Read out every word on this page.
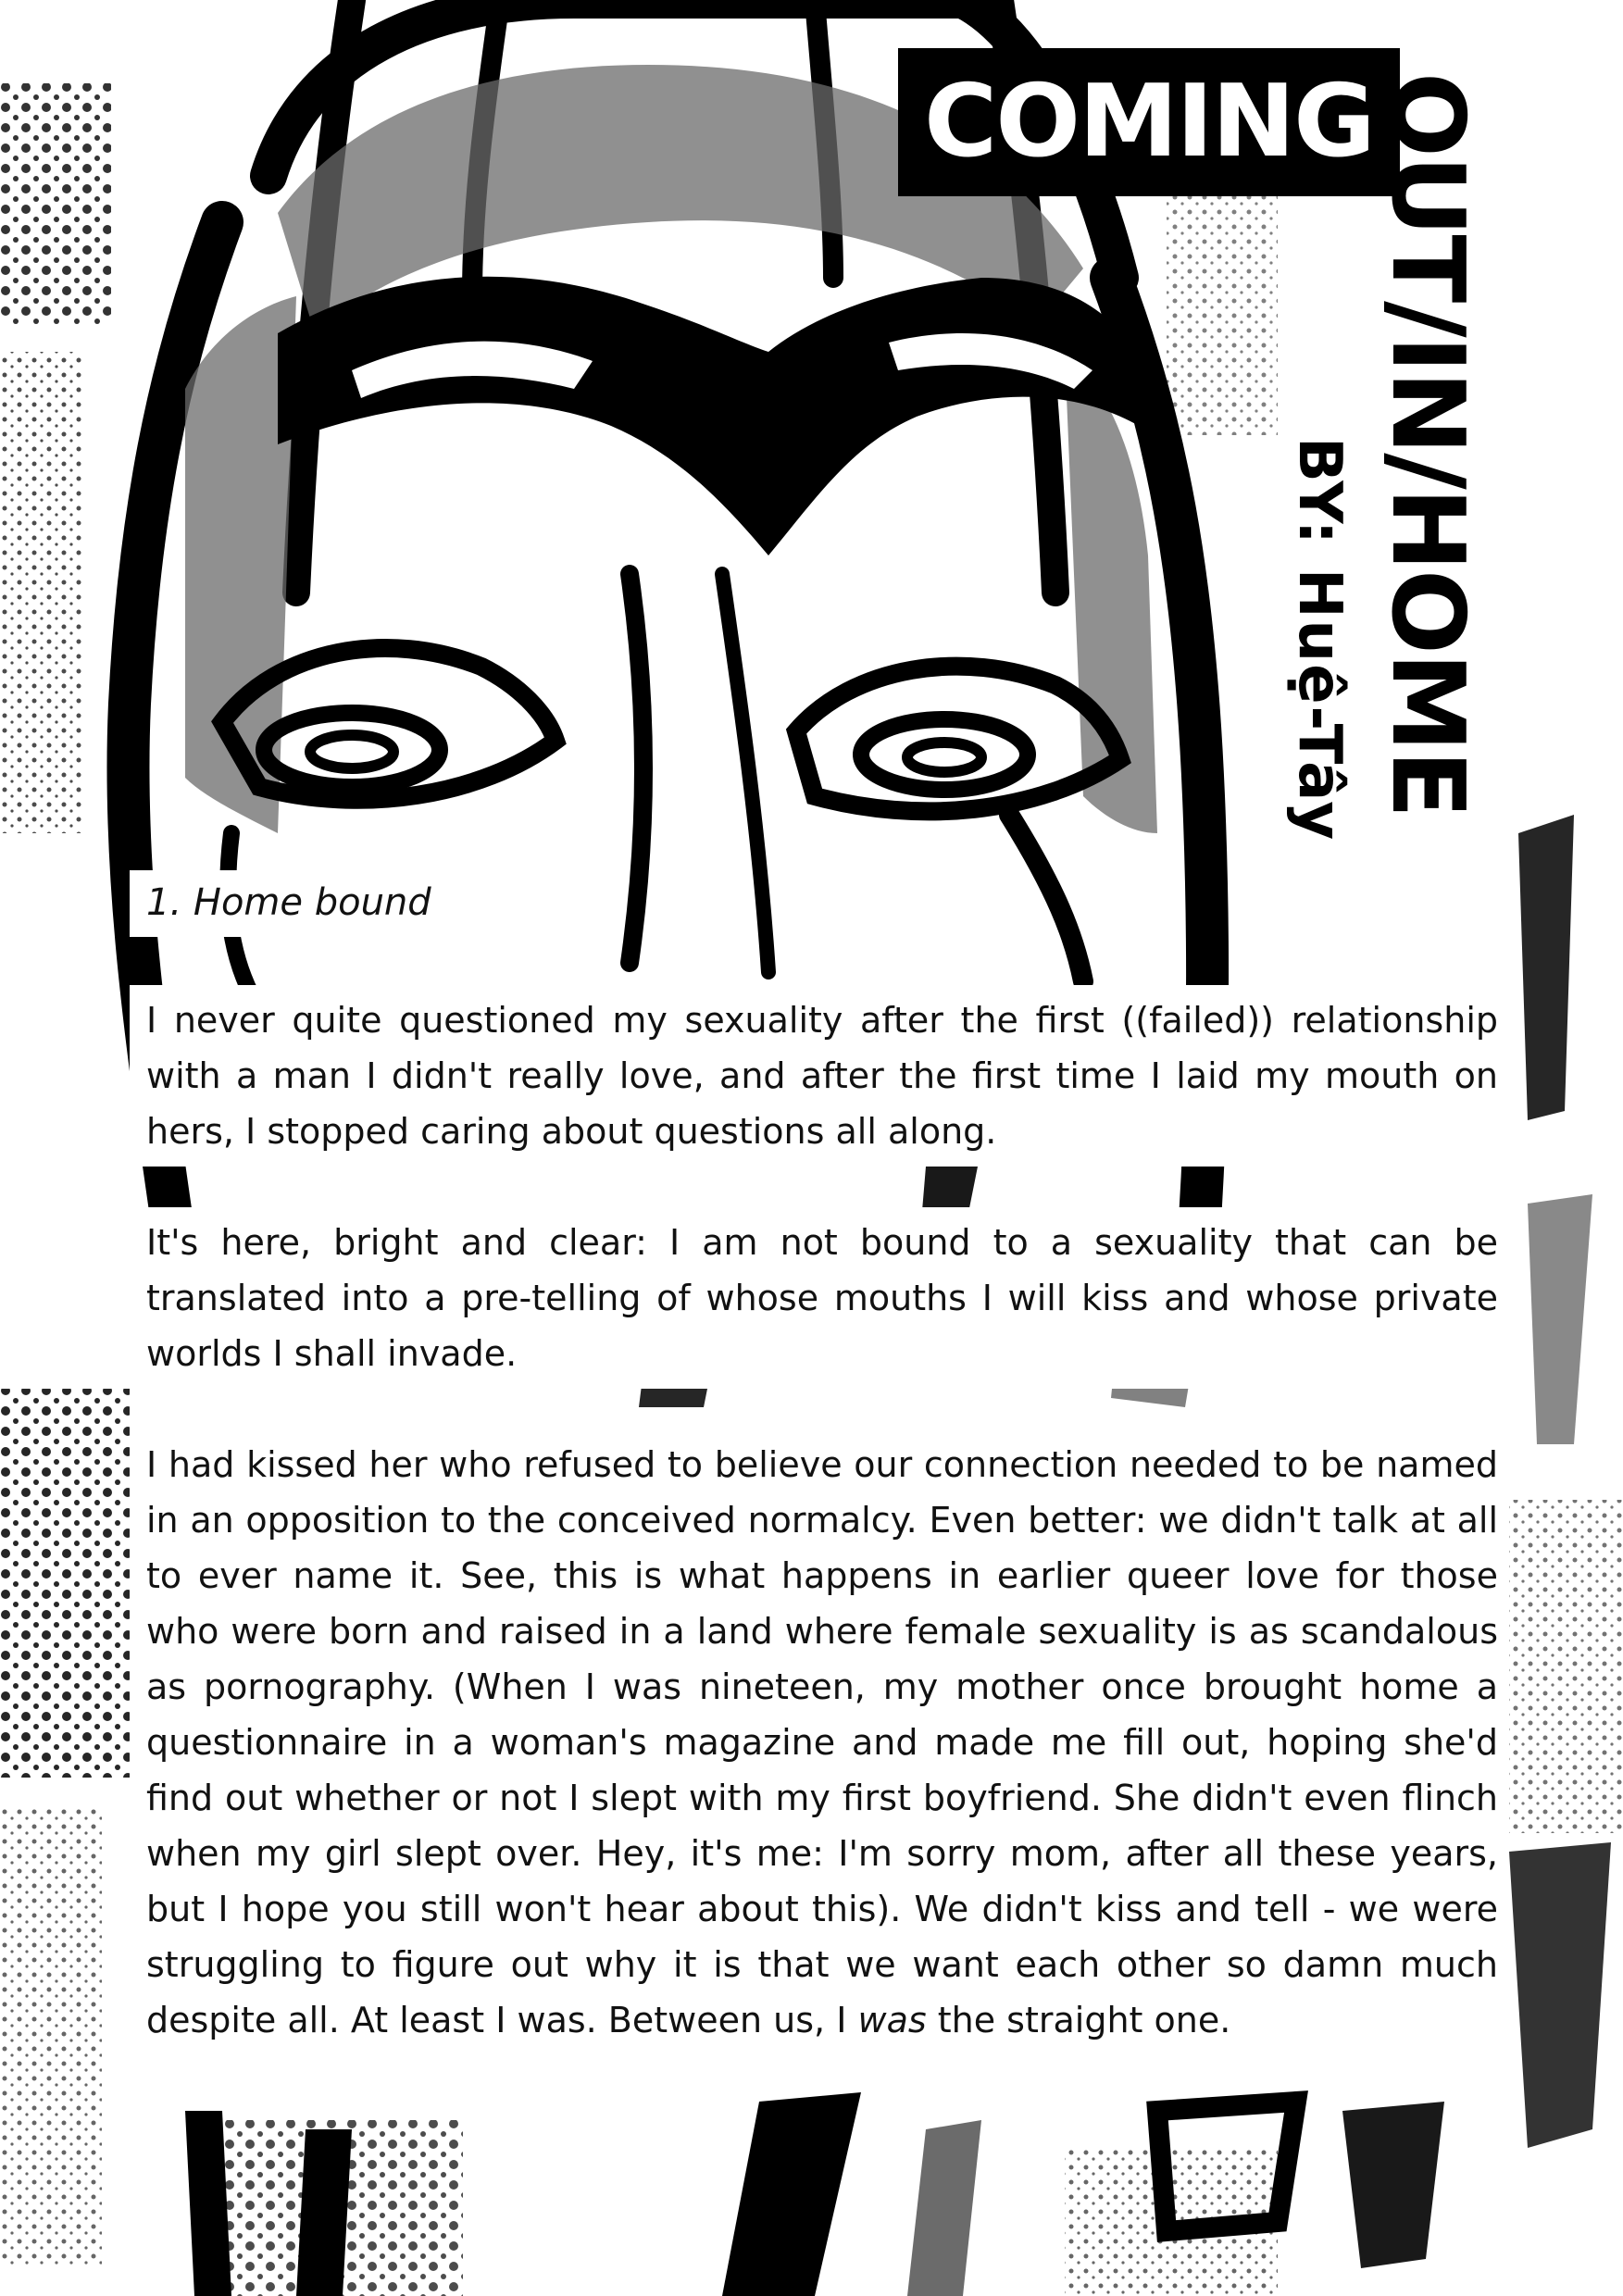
COMING
OUT/IN/HOME
BY: Huệ-Tây
1. Home bound

I never quite questioned my sexuality after the first ((failed)) relationship with a man I didn't really love, and after the first time I laid my mouth on hers, I stopped caring about questions all along.

It's here, bright and clear: I am not bound to a sexuality that can be translated into a pre-telling of whose mouths I will kiss and whose private worlds I shall invade.

I had kissed her who refused to believe our connection needed to be named in an opposition to the conceived normalcy. Even better: we didn't talk at all to ever name it. See, this is what happens in earlier queer love for those who were born and raised in a land where female sexuality is as scandalous as pornography. (When I was nineteen, my mother once brought home a questionnaire in a woman's magazine and made me fill out, hoping she'd find out whether or not I slept with my first boyfriend. She didn't even flinch when my girl slept over. Hey, it's me: I'm sorry mom, after all these years, but I hope you still won't hear about this). We didn't kiss and tell - we were struggling to figure out why it is that we want each other so damn much despite all. At least I was. Between us, I was the straight one.
